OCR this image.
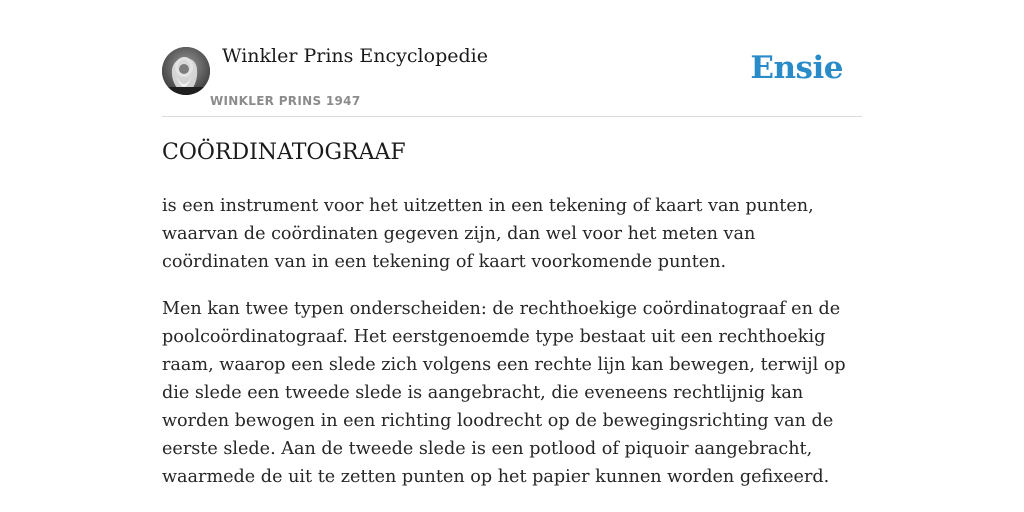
Winkler Prins Encyclopedie
WINKLER PRINS 1947
Ensie
COÖRDINATOGRAAF

is een instrument voor het uitzetten in een tekening of kaart van punten, waarvan de coördinaten gegeven zijn, dan wel voor het meten van coördinaten van in een tekening of kaart voorkomende punten.

Men kan twee typen onderscheiden: de rechthoekige coördinatograaf en de poolcoördinatograaf. Het eerstgenoemde type bestaat uit een rechthoekig raam, waarop een slede zich volgens een rechte lijn kan bewegen, terwijl op die slede een tweede slede is aangebracht, die eveneens rechtlijnig kan worden bewogen in een richting loodrecht op de bewegingsrichting van de eerste slede. Aan de tweede slede is een potlood of piquoir aangebracht, waarmede de uit te zetten punten op het papier kunnen worden gefixeerd.
